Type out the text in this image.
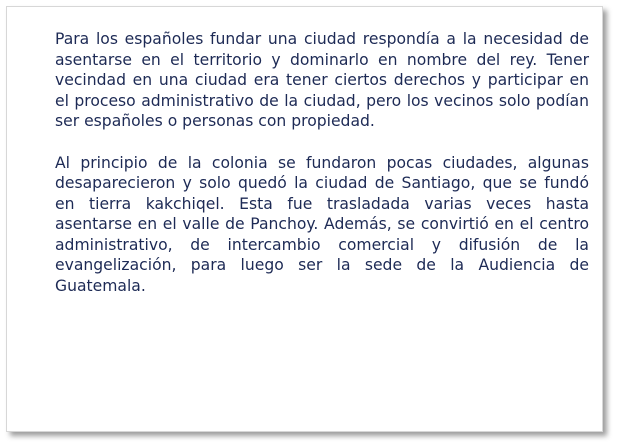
Para los españoles fundar una ciudad respondía a la necesidad de asentarse en el territorio y dominarlo en nombre del rey. Tener vecindad en una ciudad era tener ciertos derechos y participar en el proceso administrativo de la ciudad, pero los vecinos solo podían ser españoles o personas con propiedad.

Al principio de la colonia se fundaron pocas ciudades, algunas desaparecieron y solo quedó la ciudad de Santiago, que se fundó en tierra kakchiqel. Esta fue trasladada varias veces hasta asentarse en el valle de Panchoy. Además, se convirtió en el centro administrativo, de intercambio comercial y difusión de la evangelización, para luego ser la sede de la Audiencia de Guatemala.
